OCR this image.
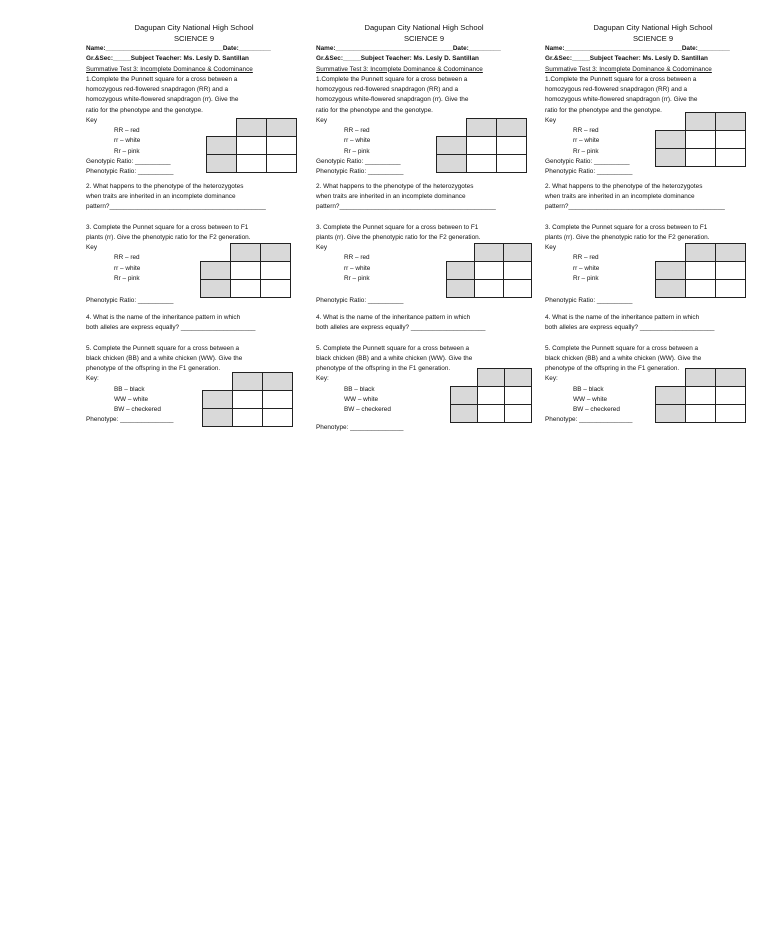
Dagupan City National High School
SCIENCE 9
Name:_________________________________Date:_________
Gr.&Sec:_____Subject Teacher: Ms. Lesly D. Santillan
Summative Test 3: Incomplete Dominance & Codominance
1.Complete the Punnett square for a cross between a
homozygous red-flowered snapdragon (RR) and a
homozygous white-flowered snapdragon (rr). Give the
ratio for the phenotype and the genotype.
Key
RR – red
rr – white
Rr – pink
Genotypic Ratio: __________
Phenotypic Ratio: __________

2. What happens to the phenotype of the heterozygotes
when traits are inherited in an incomplete dominance
pattern?____________________________________________
3. Complete the Punnet square for a cross between to F1
plants (rr). Give the phenotypic ratio for the F2 generation.
Key
RR – red
rr – white
Rr – pink
Phenotypic Ratio: __________

4. What is the name of the inheritance pattern in which
both alleles are express equally? _____________________
5. Complete the Punnett square for a cross between a
black chicken (BB) and a white chicken (WW). Give the
phenotype of the offspring in the F1 generation.
Key:
BB – black
WW – white
BW – checkered
Phenotype: _______________

Dagupan City National High School
SCIENCE 9
Name:_________________________________Date:_________
Gr.&Sec:_____Subject Teacher: Ms. Lesly D. Santillan
Summative Test 3: Incomplete Dominance & Codominance
1.Complete the Punnett square for a cross between a
homozygous red-flowered snapdragon (RR) and a
homozygous white-flowered snapdragon (rr). Give the
ratio for the phenotype and the genotype.
Key
RR – red
rr – white
Rr – pink
Genotypic Ratio: __________
Phenotypic Ratio: __________

2. What happens to the phenotype of the heterozygotes
when traits are inherited in an incomplete dominance
pattern?____________________________________________
3. Complete the Punnet square for a cross between to F1
plants (rr). Give the phenotypic ratio for the F2 generation.
Key
RR – red
rr – white
Rr – pink
Phenotypic Ratio: __________

4. What is the name of the inheritance pattern in which
both alleles are express equally? _____________________
5. Complete the Punnett square for a cross between a
black chicken (BB) and a white chicken (WW). Give the
phenotype of the offspring in the F1 generation.
Key:
BB – black
WW – white
BW – checkered
Phenotype: _______________

Dagupan City National High School
SCIENCE 9
Name:_________________________________Date:_________
Gr.&Sec:_____Subject Teacher: Ms. Lesly D. Santillan
Summative Test 3: Incomplete Dominance & Codominance
1.Complete the Punnett square for a cross between a
homozygous red-flowered snapdragon (RR) and a
homozygous white-flowered snapdragon (rr). Give the
ratio for the phenotype and the genotype.
Key
RR – red
rr – white
Rr – pink
Genotypic Ratio: __________
Phenotypic Ratio: __________

2. What happens to the phenotype of the heterozygotes
when traits are inherited in an incomplete dominance
pattern?____________________________________________
3. Complete the Punnet square for a cross between to F1
plants (rr). Give the phenotypic ratio for the F2 generation.
Key
RR – red
rr – white
Rr – pink
Phenotypic Ratio: __________

4. What is the name of the inheritance pattern in which
both alleles are express equally? _____________________
5. Complete the Punnett square for a cross between a
black chicken (BB) and a white chicken (WW). Give the
phenotype of the offspring in the F1 generation.
Key:
BB – black
WW – white
BW – checkered
Phenotype: _______________
